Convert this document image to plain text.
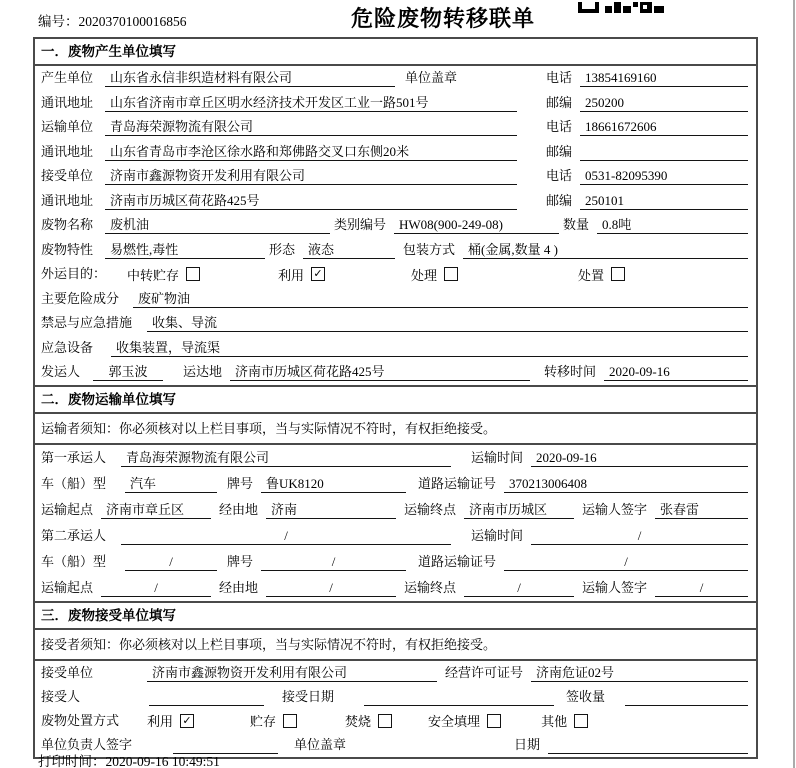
编号：2020370100016856	危险废物转移联单
一．废物产生单位填写
产生单位	山东省永信非织造材料有限公司	单位盖章	电话	13854169160
通讯地址	山东省济南市章丘区明水经济技术开发区工业一路501号	邮编	250200
运输单位	青岛海荣源物流有限公司	电话	18661672606
通讯地址	山东省青岛市李沧区徐水路和郑佛路交叉口东侧20米	邮编
接受单位	济南市鑫源物资开发利用有限公司	电话	0531-82095390
通讯地址	济南市历城区荷花路425号	邮编	250101
废物名称	废机油	类别编号	HW08(900-249-08)	数量	0.8吨
废物特性	易燃性,毒性	形态	液态	包装方式	桶(金属,数量 4 )
外运目的：	中转贮存	利用 ✓	处理	处置
主要危险成分	废矿物油
禁忌与应急措施	收集、导流
应急设备	收集装置，导流渠
发运人	郭玉波	运达地	济南市历城区荷花路425号	转移时间	2020-09-16
二．废物运输单位填写
运输者须知：你必须核对以上栏目事项，当与实际情况不符时，有权拒绝接受。
第一承运人	青岛海荣源物流有限公司	运输时间	2020-09-16
车（船）型	汽车	牌号	鲁UK8120	道路运输证号	370213006408
运输起点 济南市章丘区	经由地	济南	运输终点	济南市历城区	运输人签字	张春雷
第二承运人	/	运输时间	/
车（船）型	/	牌号	/	道路运输证号	/
运输起点	/	经由地	/	运输终点	/	运输人签字	/
三．废物接受单位填写
接受者须知：你必须核对以上栏目事项，当与实际情况不符时，有权拒绝接受。
接受单位	济南市鑫源物资开发利用有限公司	经营许可证号	济南危证02号
接受人	接受日期	签收量
废物处置方式	利用 ✓	贮存	焚烧	安全填埋	其他
单位负责人签字	单位盖章	日期
打印时间：2020-09-16 10:49:51
